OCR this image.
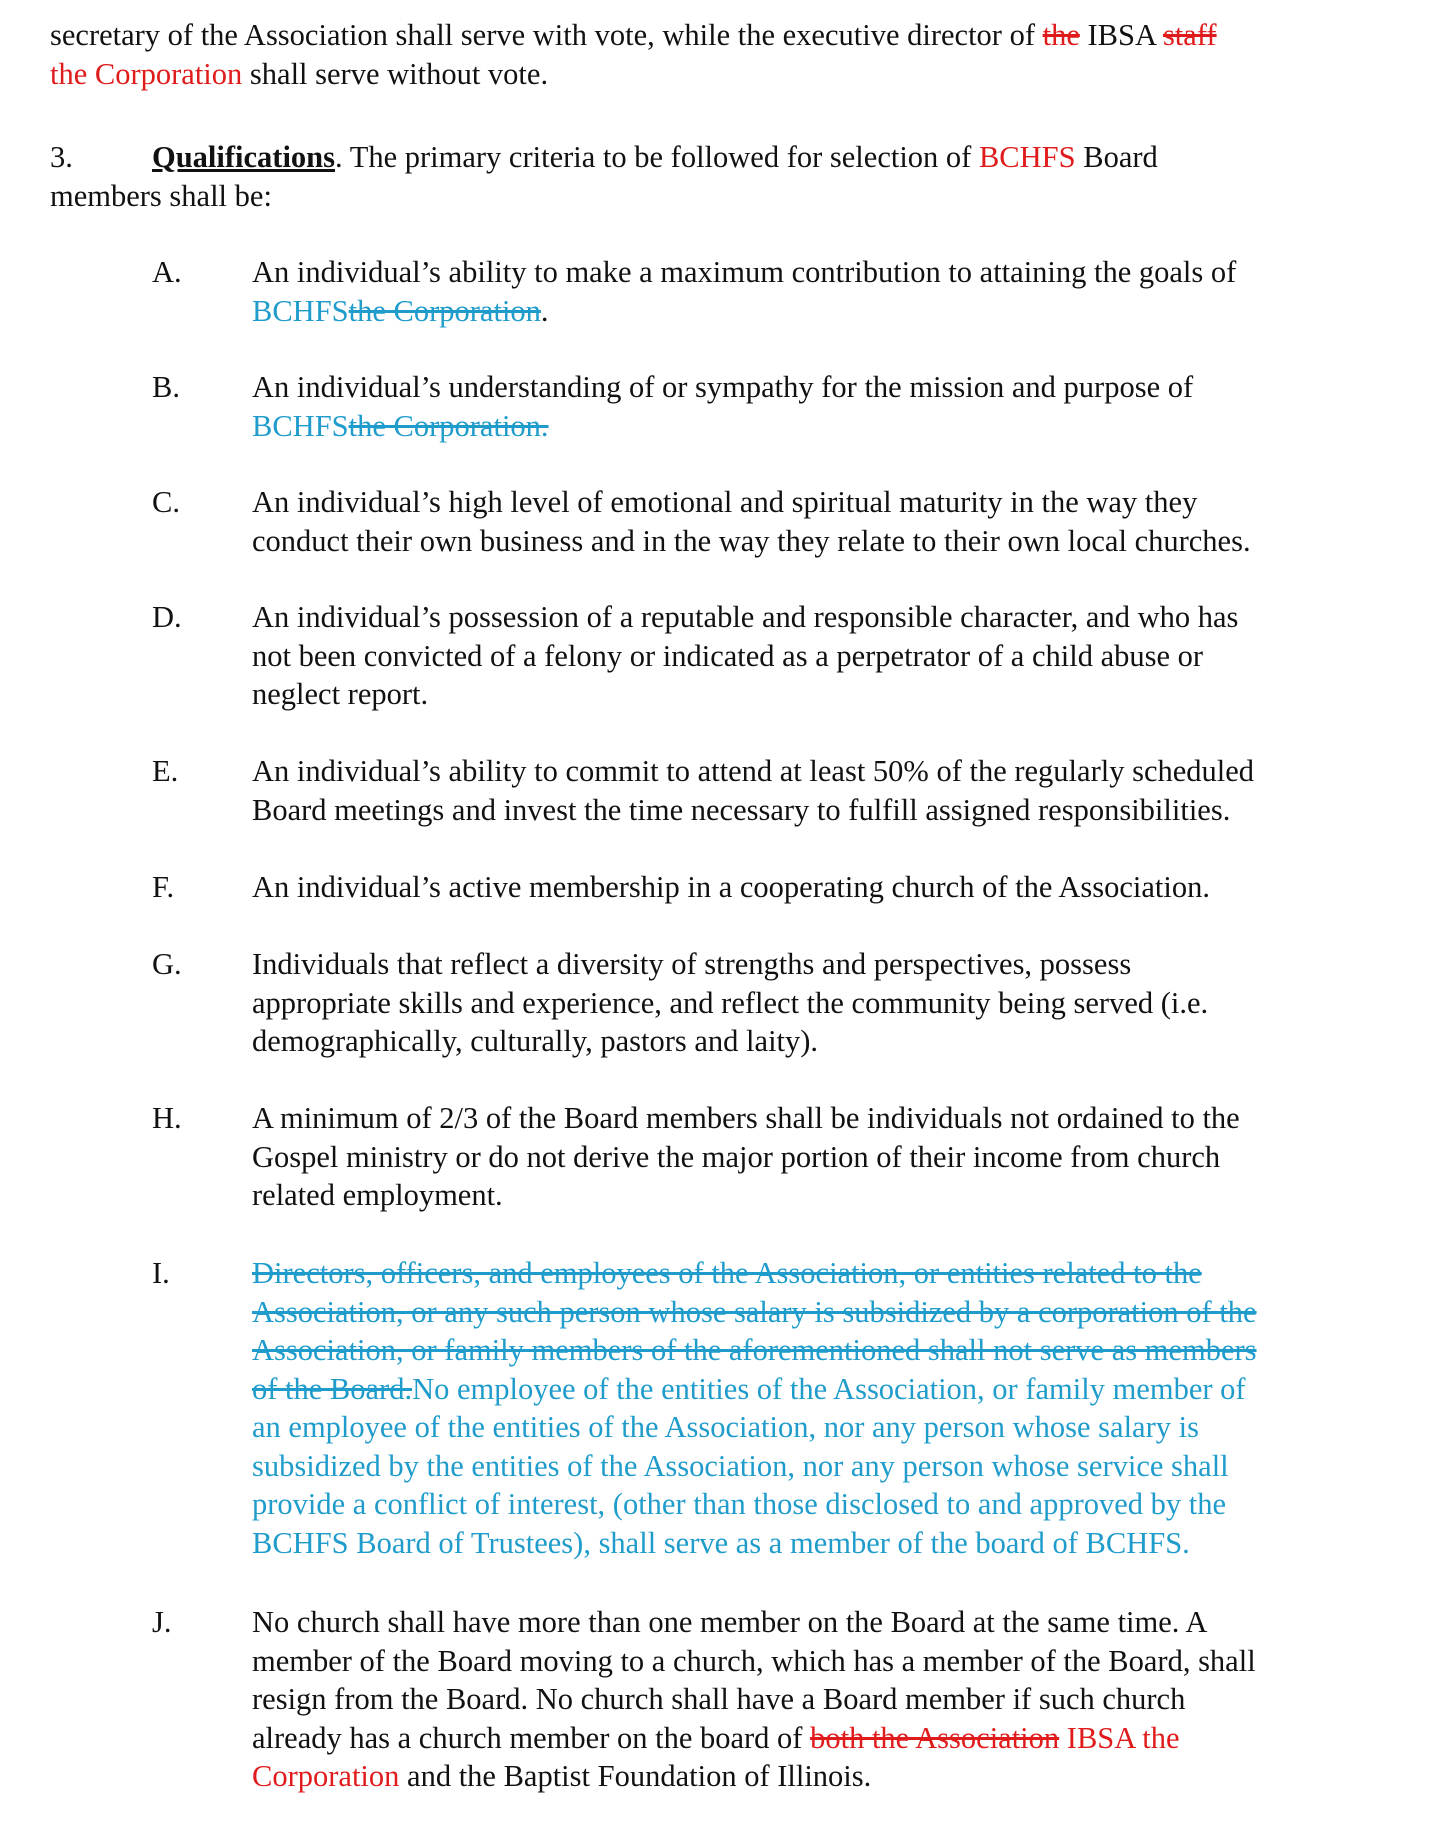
secretary of the Association shall serve with vote, while the executive director of the IBSA staff
the Corporation shall serve without vote.
3.	Qualifications. The primary criteria to be followed for selection of BCHFS Board
members shall be:
A. An individual’s ability to make a maximum contribution to attaining the goals of
BCHFSthe Corporation.
B. An individual’s understanding of or sympathy for the mission and purpose of
BCHFSthe Corporation.
C. An individual’s high level of emotional and spiritual maturity in the way they
conduct their own business and in the way they relate to their own local churches.
D. An individual’s possession of a reputable and responsible character, and who has
not been convicted of a felony or indicated as a perpetrator of a child abuse or
neglect report.
E. An individual’s ability to commit to attend at least 50% of the regularly scheduled
Board meetings and invest the time necessary to fulfill assigned responsibilities.
F.	An individual’s active membership in a cooperating church of the Association.
G. Individuals that reflect a diversity of strengths and perspectives, possess
appropriate skills and experience, and reflect the community being served (i.e.
demographically, culturally, pastors and laity).
H. A minimum of 2/3 of the Board members shall be individuals not ordained to the
Gospel ministry or do not derive the major portion of their income from church
related employment.
I.	Directors, officers, and employees of the Association, or entities related to the
Association, or any such person whose salary is subsidized by a corporation of the
Association, or family members of the aforementioned shall not serve as members
of the Board.No employee of the entities of the Association, or family member of
an employee of the entities of the Association, nor any person whose salary is
subsidized by the entities of the Association, nor any person whose service shall
provide a conflict of interest, (other than those disclosed to and approved by the
BCHFS Board of Trustees), shall serve as a member of the board of BCHFS.
J.	No church shall have more than one member on the Board at the same time. A
member of the Board moving to a church, which has a member of the Board, shall
resign from the Board. No church shall have a Board member if such church
already has a church member on the board of both the Association IBSA the
Corporation and the Baptist Foundation of Illinois.
